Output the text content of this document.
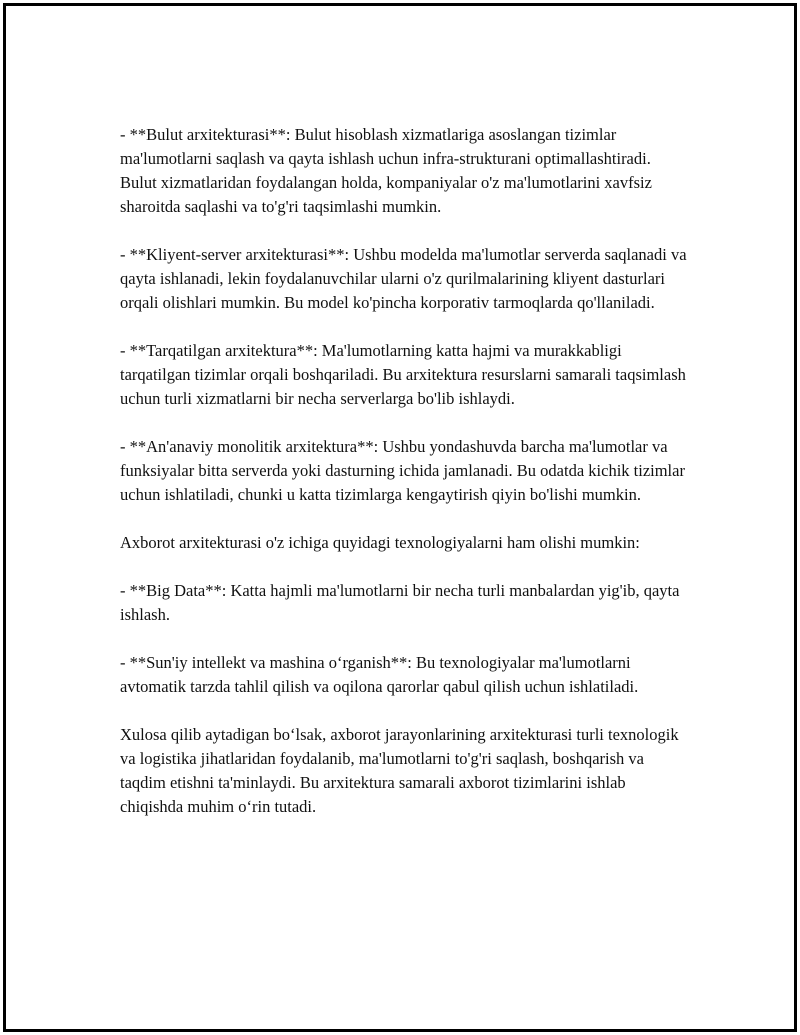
- **Bulut arxitekturasi**: Bulut hisoblash xizmatlariga asoslangan tizimlar ma'lumotlarni saqlash va qayta ishlash uchun infra-strukturani optimallashtiradi. Bulut xizmatlaridan foydalangan holda, kompaniyalar o'z ma'lumotlarini xavfsiz sharoitda saqlashi va to'g'ri taqsimlashi mumkin.

- **Kliyent-server arxitekturasi**: Ushbu modelda ma'lumotlar serverda saqlanadi va qayta ishlanadi, lekin foydalanuvchilar ularni o'z qurilmalarining kliyent dasturlari orqali olishlari mumkin. Bu model ko'pincha korporativ tarmoqlarda qo'llaniladi.

- **Tarqatilgan arxitektura**: Ma'lumotlarning katta hajmi va murakkabligi tarqatilgan tizimlar orqali boshqariladi. Bu arxitektura resurslarni samarali taqsimlash uchun turli xizmatlarni bir necha serverlarga bo'lib ishlaydi.

- **An'anaviy monolitik arxitektura**: Ushbu yondashuvda barcha ma'lumotlar va funksiyalar bitta serverda yoki dasturning ichida jamlanadi. Bu odatda kichik tizimlar uchun ishlatiladi, chunki u katta tizimlarga kengaytirish qiyin bo'lishi mumkin.

Axborot arxitekturasi o'z ichiga quyidagi texnologiyalarni ham olishi mumkin:

- **Big Data**: Katta hajmli ma'lumotlarni bir necha turli manbalardan yig'ib, qayta ishlash.

- **Sun'iy intellekt va mashina o‘rganish**: Bu texnologiyalar ma'lumotlarni avtomatik tarzda tahlil qilish va oqilona qarorlar qabul qilish uchun ishlatiladi.

Xulosa qilib aytadigan bo‘lsak, axborot jarayonlarining arxitekturasi turli texnologik va logistika jihatlaridan foydalanib, ma'lumotlarni to'g'ri saqlash, boshqarish va taqdim etishni ta'minlaydi. Bu arxitektura samarali axborot tizimlarini ishlab chiqishda muhim o‘rin tutadi.
